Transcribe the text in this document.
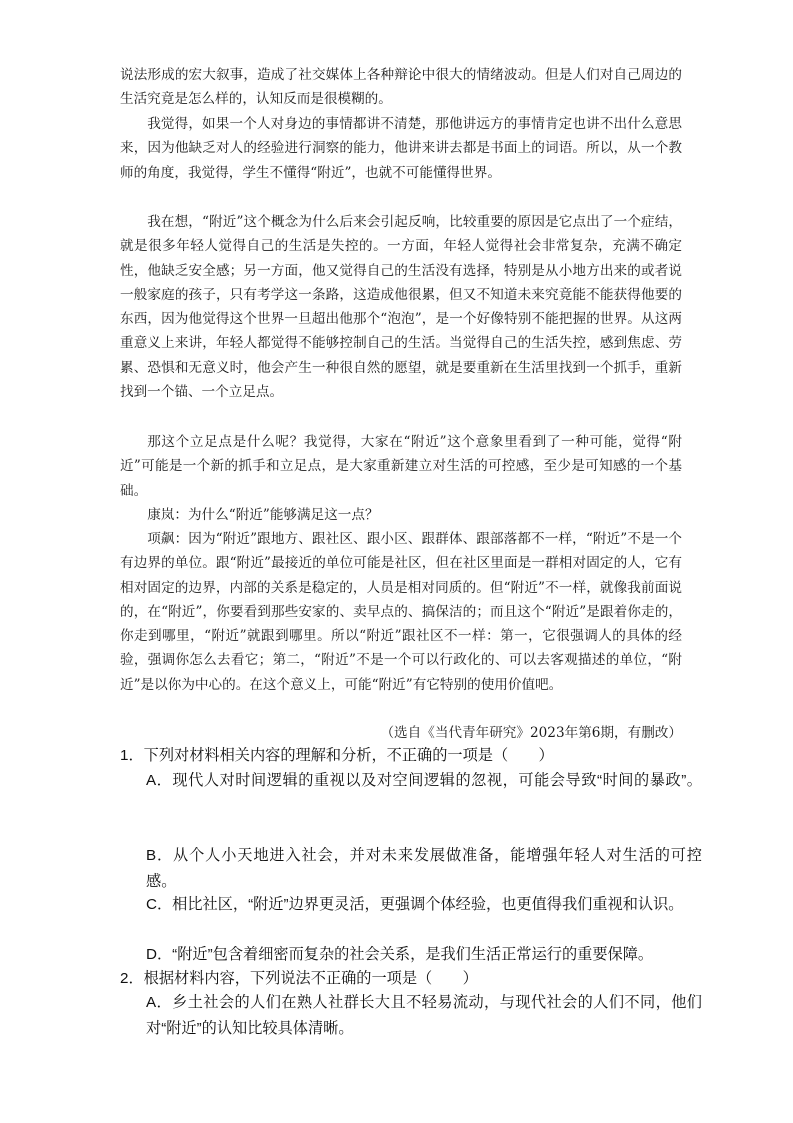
说法形成的宏大叙事，造成了社交媒体上各种辩论中很大的情绪波动。但是人们对自己周边的生活究竟是怎么样的，认知反而是很模糊的。

我觉得，如果一个人对身边的事情都讲不清楚，那他讲远方的事情肯定也讲不出什么意思来，因为他缺乏对人的经验进行洞察的能力，他讲来讲去都是书面上的词语。所以，从一个教师的角度，我觉得，学生不懂得“附近”，也就不可能懂得世界。

我在想，“附近”这个概念为什么后来会引起反响，比较重要的原因是它点出了一个症结，就是很多年轻人觉得自己的生活是失控的。一方面，年轻人觉得社会非常复杂，充满不确定性，他缺乏安全感；另一方面，他又觉得自己的生活没有选择，特别是从小地方出来的或者说一般家庭的孩子，只有考学这一条路，这造成他很累，但又不知道未来究竟能不能获得他要的东西，因为他觉得这个世界一旦超出他那个“泡泡”，是一个好像特别不能把握的世界。从这两重意义上来讲，年轻人都觉得不能够控制自己的生活。当觉得自己的生活失控，感到焦虑、劳累、恐惧和无意义时，他会产生一种很自然的愿望，就是要重新在生活里找到一个抓手，重新找到一个锚、一个立足点。

那这个立足点是什么呢？我觉得，大家在“附近”这个意象里看到了一种可能，觉得“附近”可能是一个新的抓手和立足点，是大家重新建立对生活的可控感，至少是可知感的一个基础。

康岚：为什么“附近”能够满足这一点？

项飙：因为“附近”跟地方、跟社区、跟小区、跟群体、跟部落都不一样，“附近”不是一个有边界的单位。跟“附近”最接近的单位可能是社区，但在社区里面是一群相对固定的人，它有相对固定的边界，内部的关系是稳定的，人员是相对同质的。但“附近”不一样，就像我前面说的，在“附近”，你要看到那些安家的、卖早点的、搞保洁的；而且这个“附近”是跟着你走的，你走到哪里，“附近”就跟到哪里。所以“附近”跟社区不一样：第一，它很强调人的具体的经验，强调你怎么去看它；第二，“附近”不是一个可以行政化的、可以去客观描述的单位，“附近”是以你为中心的。在这个意义上，可能“附近”有它特别的使用价值吧。

（选自《当代青年研究》2023年第6期，有删改）

1．下列对材料相关内容的理解和分析，不正确的一项是（　　）

A．现代人对时间逻辑的重视以及对空间逻辑的忽视，可能会导致“时间的暴政”。

B．从个人小天地进入社会，并对未来发展做准备，能增强年轻人对生活的可控感。

C．相比社区，“附近”边界更灵活，更强调个体经验，也更值得我们重视和认识。

D．“附近”包含着细密而复杂的社会关系，是我们生活正常运行的重要保障。

2．根据材料内容，下列说法不正确的一项是（　　）

A．乡土社会的人们在熟人社群长大且不轻易流动，与现代社会的人们不同，他们对“附近”的认知比较具体清晰。
